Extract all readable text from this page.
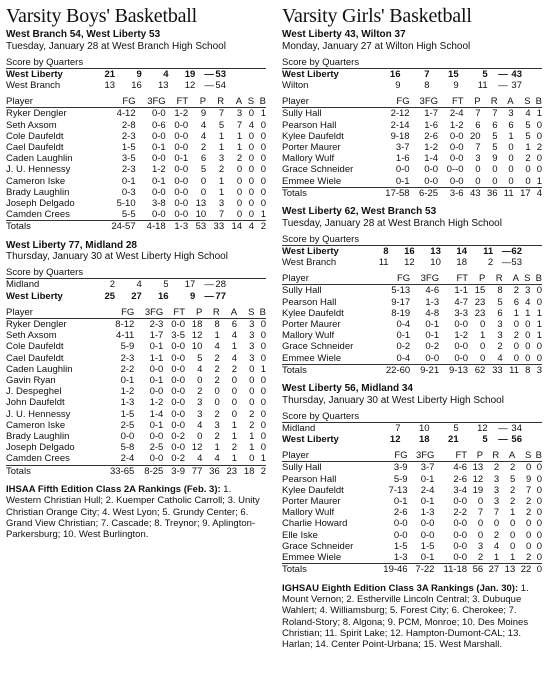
Varsity Boys' Basketball
West Branch 54, West Liberty 53
Tuesday, January 28 at West Branch High School
Score by Quarters						
West Liberty	21	9	4	19	—	53
West Branch	13	16	13	12	—	54
Player	FG	3FG	FT	P	R	A	S	B
Ryker Dengler	4-12	0-0	1-2	9	7	3	0	1
Seth Axsom	2-8	0-6	0-0	4	5	7	4	0
Cole Daufeldt	2-3	0-0	0-0	4	1	1	0	0
Cael Daufeldt	1-5	0-1	0-0	2	1	1	0	0
Caden Laughlin	3-5	0-0	0-1	6	3	2	0	0
J. U. Hennessy	2-3	1-2	0-0	5	2	0	0	0
Cameron Iske	0-1	0-1	0-0	0	1	0	0	0
Brady Laughlin	0-3	0-0	0-0	0	1	0	0	0
Joseph Delgado	5-10	3-8	0-0	13	3	0	0	0
Camden Crees	5-5	0-0	0-0	10	7	0	0	1
Totals	24-57	4-18	1-3	53	33	14	4	2
West Liberty 77, Midland 28
Thursday, January 30 at West Liberty High School
Score by Quarters						
Midland	2	4	5	17	—	28
West Liberty	25	27	16	9	—	77
Player	FG	3FG	FT	P	R	A	S	B
Ryker Dengler	8-12	2-3	0-0	18	8	6	3	0
Seth Axsom	4-11	1-7	3-5	12	1	4	3	0
Cole Daufeldt	5-9	0-1	0-0	10	4	1	3	0
Cael Daufeldt	2-3	1-1	0-0	5	2	4	3	0
Caden Laughlin	2-2	0-0	0-0	4	2	2	0	1
Gavin Ryan	0-1	0-1	0-0	0	2	0	0	0
J. Despeghel	1-2	0-0	0-0	2	0	0	0	0
John Daufeldt	1-3	1-2	0-0	3	0	0	0	0
J. U. Hennessy	1-5	1-4	0-0	3	2	0	2	0
Cameron Iske	2-5	0-1	0-0	4	3	1	2	0
Brady Laughlin	0-0	0-0	0-2	0	2	1	1	0
Joseph Delgado	5-8	2-5	0-0	12	1	2	1	0
Camden Crees	2-4	0-0	0-2	4	4	1	0	1
Totals	33-65	8-25	3-9	77	36	23	18	2
IHSAA Fifth Edition Class 2A Rankings (Feb. 3): 1. Western Christian Hull; 2. Kuemper Catholic Carroll; 3. Unity Christian Orange City; 4. West Lyon; 5. Grundy Center; 6. Grand View Christian; 7. Cascade; 8. Treynor; 9. Aplington-Parkersburg; 10. West Burlington.
Varsity Girls' Basketball
West Liberty 43, Wilton 37
Monday, January 27 at Wilton High School
Score by Quarters						
West Liberty	16	7	15	5	—	43
Wilton	9	8	9	11	—	37
Player	FG	3FG	FT	P	R	A	S	B
Sully Hall	2-12	1-7	2-4	7	7	3	4	1
Pearson Hall	2-14	1-6	1-2	6	6	6	5	0
Kylee Daufeldt	9-18	2-6	0-0	20	5	1	5	0
Porter Maurer	3-7	1-2	0-0	7	5	0	1	2
Mallory Wulf	1-6	1-4	0-0	3	9	0	2	0
Grace Schneider	0-0	0-0	0--0	0	0	0	0	0
Emmee Wiele	0-1	0-0	0-0	0	0	0	0	1
Totals	17-58	6-25	3-6	43	36	11	17	4
West Liberty 62, West Branch 53
Tuesday, January 28 at West Branch High School
Score by Quarters							
West Liberty	8	16	13	14	11	—	62
West Branch	11	12	10	18	2	—	53
Player	FG	3FG	FT	P	R	A	S	B
Sully Hall	5-13	4-6	1-1	15	8	2	3	0
Pearson Hall	9-17	1-3	4-7	23	5	6	4	0
Kylee Daufeldt	8-19	4-8	3-3	23	6	1	1	1
Porter Maurer	0-4	0-1	0-0	0	3	0	0	1
Mallory Wulf	0-1	0-1	1-2	1	3	2	0	1
Grace Schneider	0-2	0-2	0-0	0	2	0	0	0
Emmee Wiele	0-4	0-0	0-0	0	4	0	0	0
Totals	22-60	9-21	9-13	62	33	11	8	3
West Liberty 56, Midland 34
Thursday, January 30 at West Liberty High School
Score by Quarters						
Midland	7	10	5	12	—	34
West Liberty	12	18	21	5	—	56
Player	FG	3FG	FT	P	R	A	S	B
Sully Hall	3-9	3-7	4-6	13	2	2	0	0
Pearson Hall	5-9	0-1	2-6	12	3	5	9	0
Kylee Daufeldt	7-13	2-4	3-4	19	3	2	7	0
Porter Maurer	0-1	0-1	0-0	0	3	2	2	0
Mallory Wulf	2-6	1-3	2-2	7	7	1	2	0
Charlie Howard	0-0	0-0	0-0	0	0	0	0	0
Elle Iske	0-0	0-0	0-0	0	2	0	0	0
Grace Schneider	1-5	1-5	0-0	3	4	0	0	0
Emmee Wiele	1-3	0-1	0-0	2	1	1	2	0
Totals	19-46	7-22	11-18	56	27	13	22	0
IGHSAU Eighth Edition Class 3A Rankings (Jan. 30): 1. Mount Vernon; 2. Estherville Lincoln Central; 3. Dubuque Wahlert; 4. Williamsburg; 5. Forest City; 6. Cherokee; 7. Roland-Story; 8. Algona; 9. PCM, Monroe; 10. Des Moines Christian; 11. Spirit Lake; 12. Hampton-Dumont-CAL; 13. Harlan; 14. Center Point-Urbana; 15. West Marshall.
